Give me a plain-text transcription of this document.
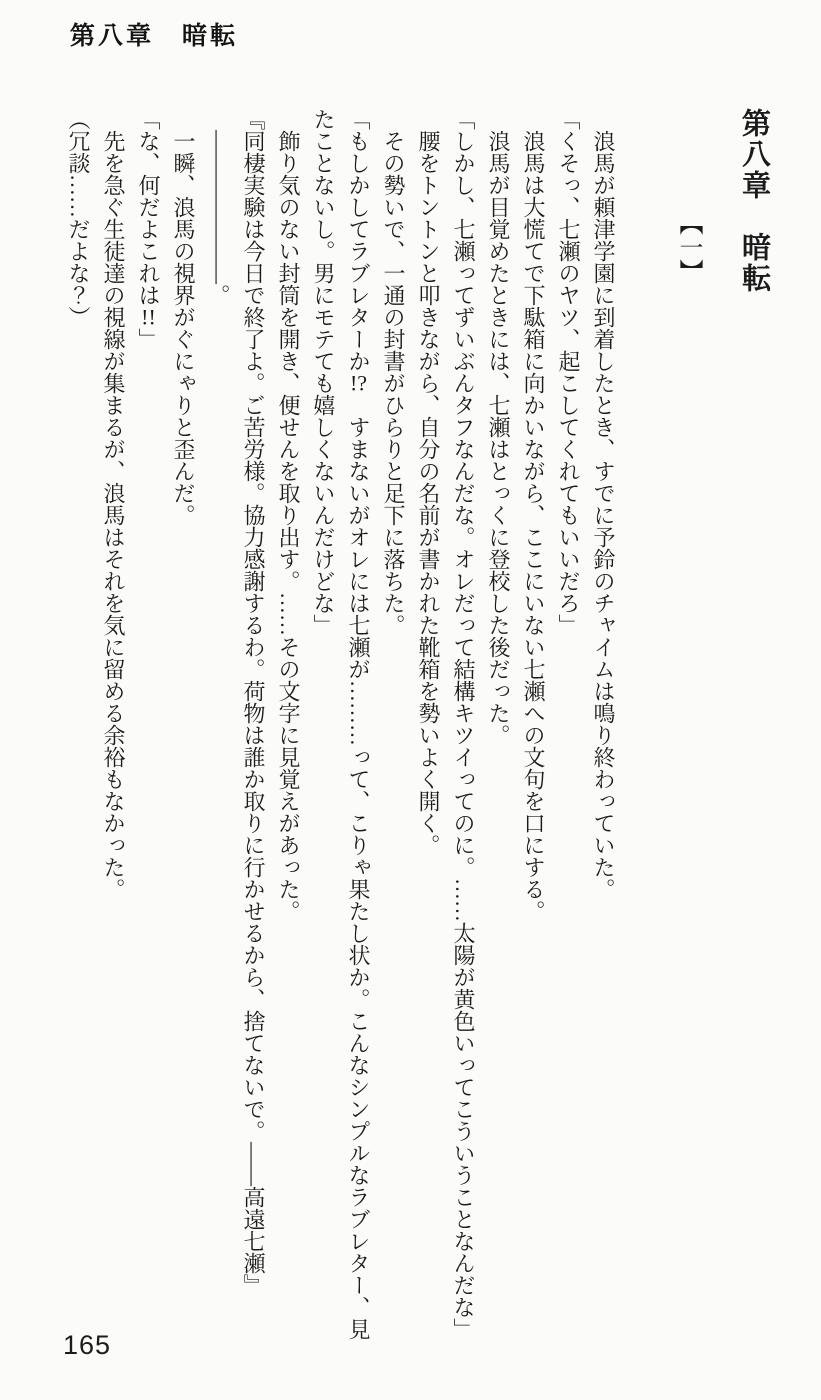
第八章　暗転
第八章　暗転
【一】

　浪馬が頼津学園に到着したとき、すでに予鈴のチャイムは鳴り終わっていた。

「くそっ、七瀬のヤツ、起こしてくれてもいいだろ」

　浪馬は大慌てで下駄箱に向かいながら、ここにいない七瀬への文句を口にする。

　浪馬が目覚めたときには、七瀬はとっくに登校した後だった。

「しかし、七瀬ってずいぶんタフなんだな。オレだって結構キツイってのに。……太陽が黄色いってこういうことなんだな」

　腰をトントンと叩きながら、自分の名前が書かれた靴箱を勢いよく開く。

　その勢いで、一通の封書がひらりと足下に落ちた。

「もしかしてラブレターか!?　すまないがオレには七瀬が………って、こりゃ果たし状か。こんなシンプルなラブレター、見たことないし。男にモテても嬉しくないんだけどな」

　飾り気のない封筒を開き、便せんを取り出す。……その文字に見覚えがあった。

『同棲実験は今日で終了よ。ご苦労様。協力感謝するわ。荷物は誰か取りに行かせるから、捨てないで。――高遠七瀬』

　―――――――。

　一瞬、浪馬の視界がぐにゃりと歪んだ。

「な、何だよこれは!!」

　先を急ぐ生徒達の視線が集まるが、浪馬はそれを気に留める余裕もなかった。

（冗談……だよな？）

165
